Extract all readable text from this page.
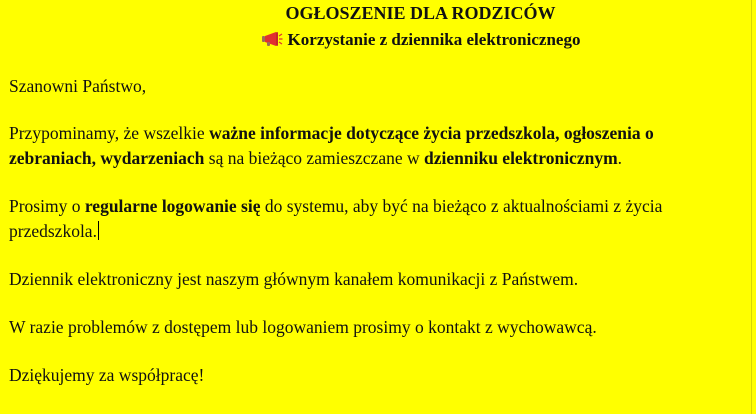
OGŁOSZENIE DLA RODZICÓW
Korzystanie z dziennika elektronicznego

Szanowni Państwo,

Przypominamy, że wszelkie ważne informacje dotyczące życia przedszkola, ogłoszenia o zebraniach, wydarzeniach są na bieżąco zamieszczane w dzienniku elektronicznym.

Prosimy o regularne logowanie się do systemu, aby być na bieżąco z aktualnościami z życia przedszkola.

Dziennik elektroniczny jest naszym głównym kanałem komunikacji z Państwem.

W razie problemów z dostępem lub logowaniem prosimy o kontakt z wychowawcą.

Dziękujemy za współpracę!
